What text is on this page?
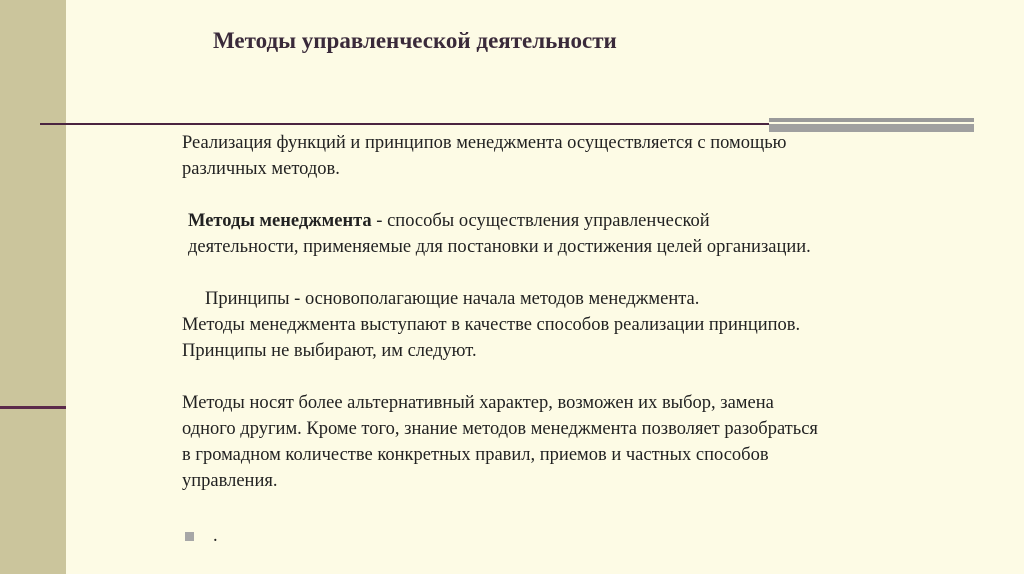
Методы управленческой деятельности

Реализация функций и принципов менеджмента осуществляется с помощью различных методов.

Методы менеджмента - способы осуществления управленческой деятельности, применяемые для постановки и достижения целей организации.

Принципы - основополагающие начала методов менеджмента.

Методы менеджмента выступают в качестве способов реализации принципов. Принципы не выбирают, им следуют.

Методы носят более альтернативный характер, возможен их выбор, замена одного другим. Кроме того, знание методов менеджмента позволяет разобраться в громадном количестве конкретных правил, приемов и частных способов управления.

.
